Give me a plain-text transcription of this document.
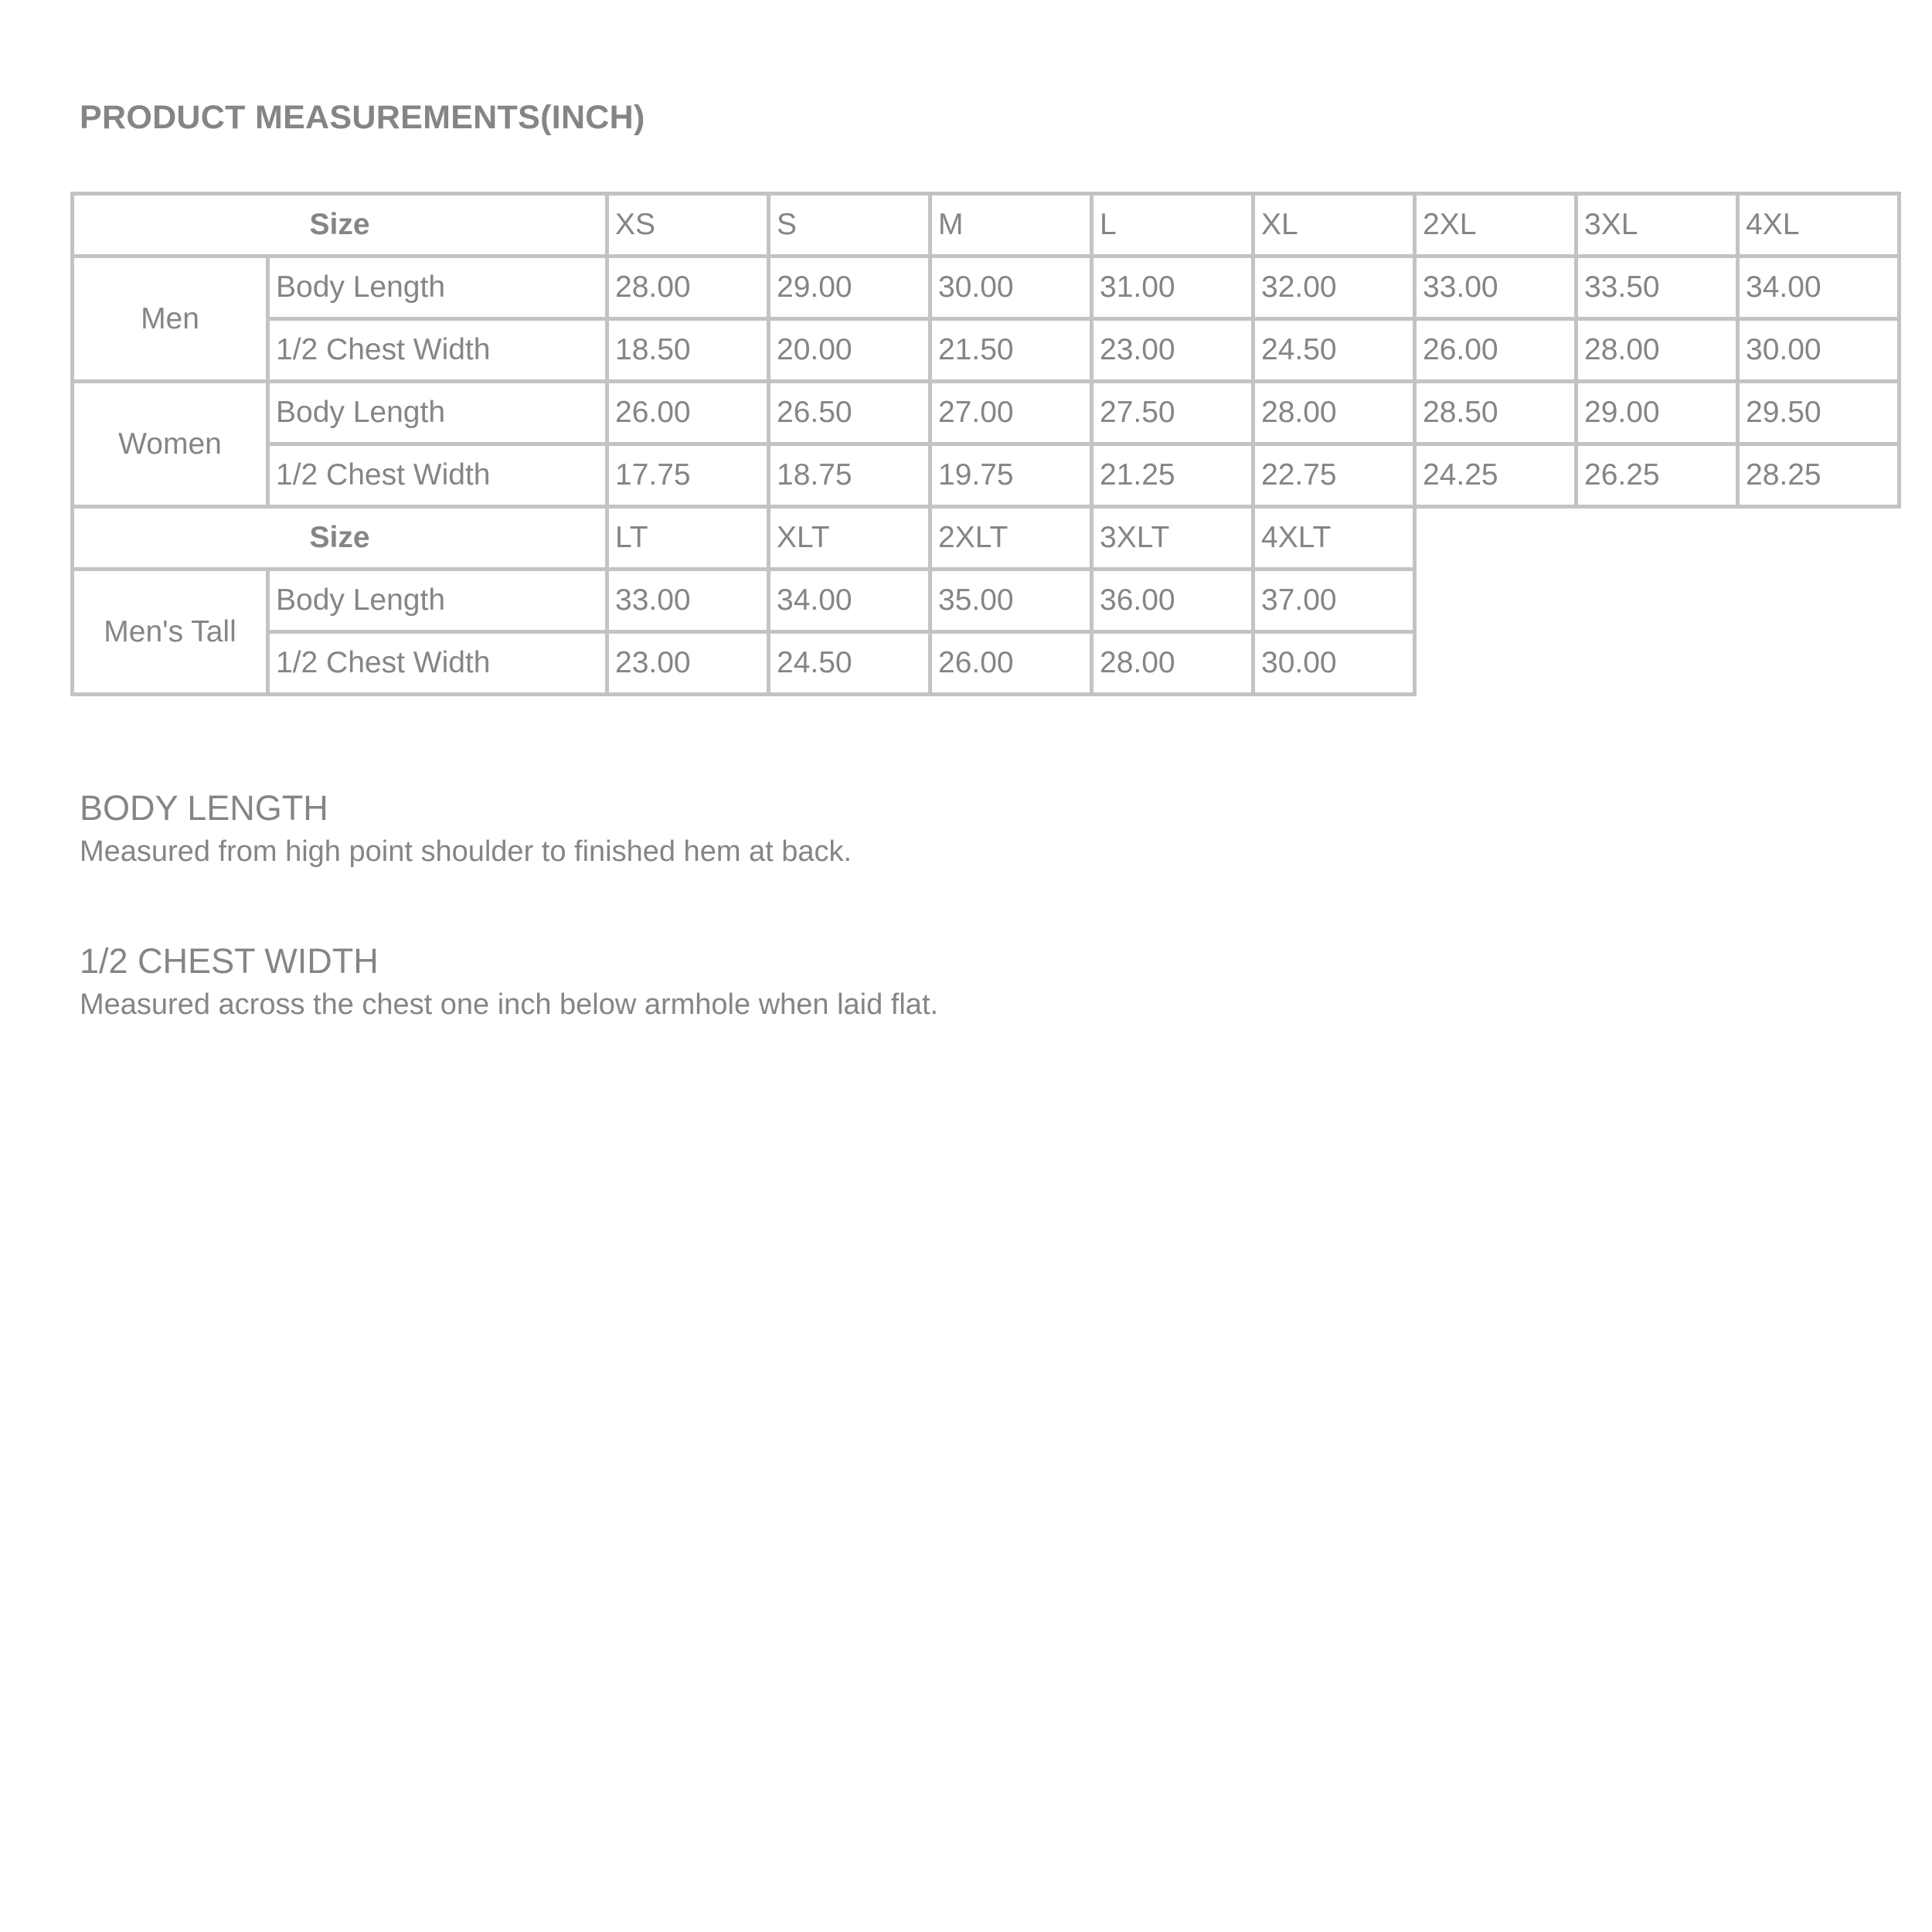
PRODUCT MEASUREMENTS(INCH)
Size		XS	S	M	L	XL	2XL	3XL	4XL
Men	Body Length	28.00	29.00	30.00	31.00	32.00	33.00	33.50	34.00
	1/2 Chest Width	18.50	20.00	21.50	23.00	24.50	26.00	28.00	30.00
Women	Body Length	26.00	26.50	27.00	27.50	28.00	28.50	29.00	29.50
	1/2 Chest Width	17.75	18.75	19.75	21.25	22.75	24.25	26.25	28.25
Size		LT	XLT	2XLT	3XLT	4XLT			
Men's Tall	Body Length	33.00	34.00	35.00	36.00	37.00			
	1/2 Chest Width	23.00	24.50	26.00	28.00	30.00			

BODY LENGTH

Measured from high point shoulder to finished hem at back.

1/2 CHEST WIDTH

Measured across the chest one inch below armhole when laid flat.
